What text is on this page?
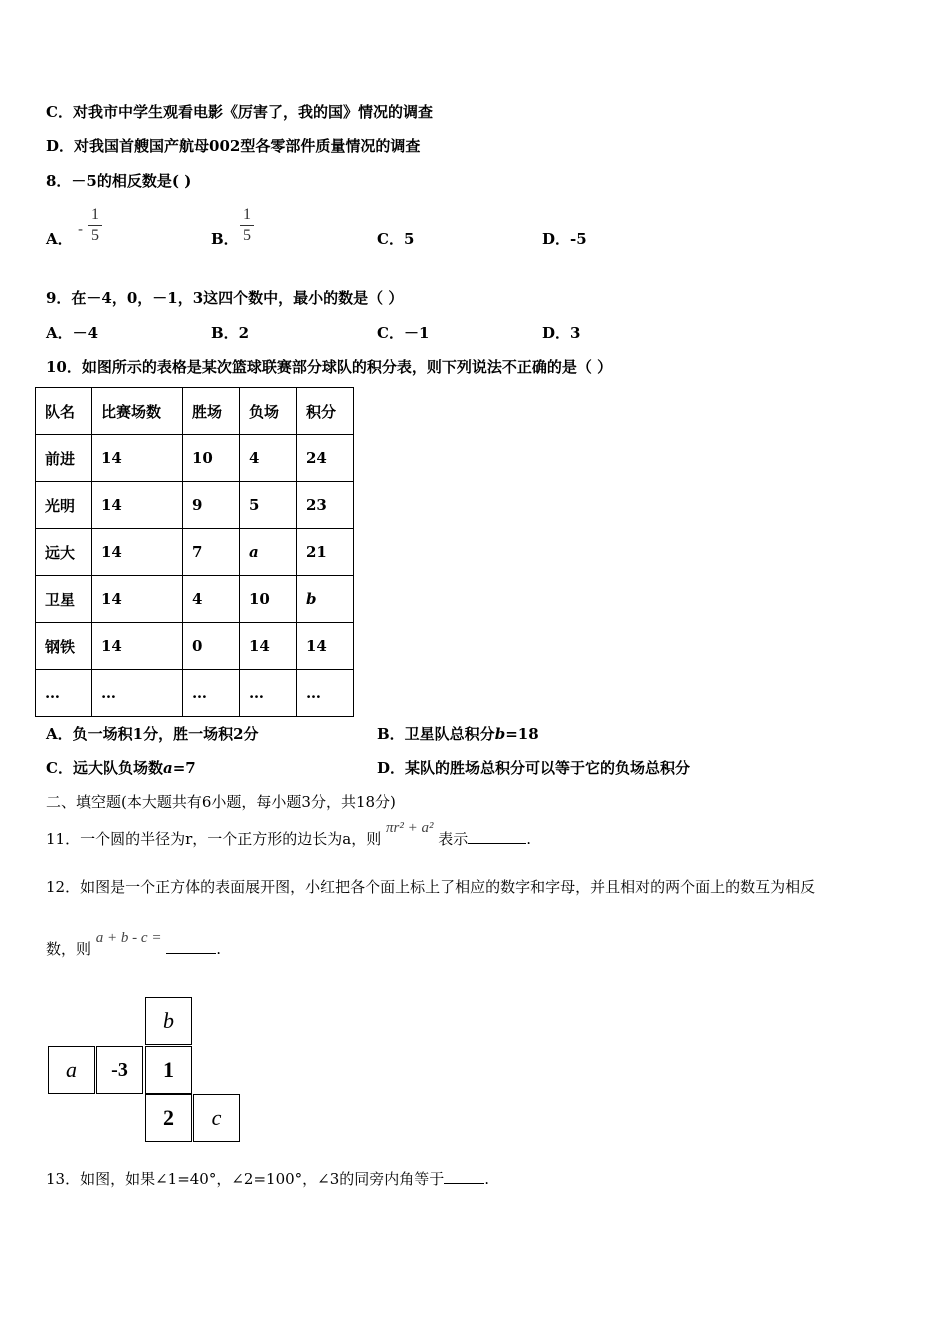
C．对我市中学生观看电影《厉害了，我的国》情况的调查
D．对我国首艘国产航母002型各零部件质量情况的调查
8．－5的相反数是( )
A．
-
1
5	B．
1
5	C．5	D．-5
9．在－4，0，－1，3这四个数中，最小的数是（ ）
A．－4	B．2	C．－1	D．3
10．如图所示的表格是某次篮球联赛部分球队的积分表，则下列说法不正确的是（ ）
队名	比赛场数	胜场	负场	积分
前进	14	10	4	24
光明	14	9	5	23
远大	14	7	a	21
卫星	14	4	10	b
钢铁	14	0	14	14
…	…	…	…	…
A．负一场积1分，胜一场积2分	B．卫星队总积分b=18
C．远大队负场数a=7	D．某队的胜场总积分可以等于它的负场总积分
二、填空题(本大题共有6小题，每小题3分，共18分)
11．一个圆的半径为r，一个正方形的边长为a，则 πr² + a² 表示	.
12．如图是一个正方体的表面展开图，小红把各个面上标上了相应的数字和字母，并且相对的两个面上的数互为相反
数，则 a + b - c = .
b
a	-3	1
2	c
13．如图，如果∠1=40°，∠2=100°，∠3的同旁内角等于	.
